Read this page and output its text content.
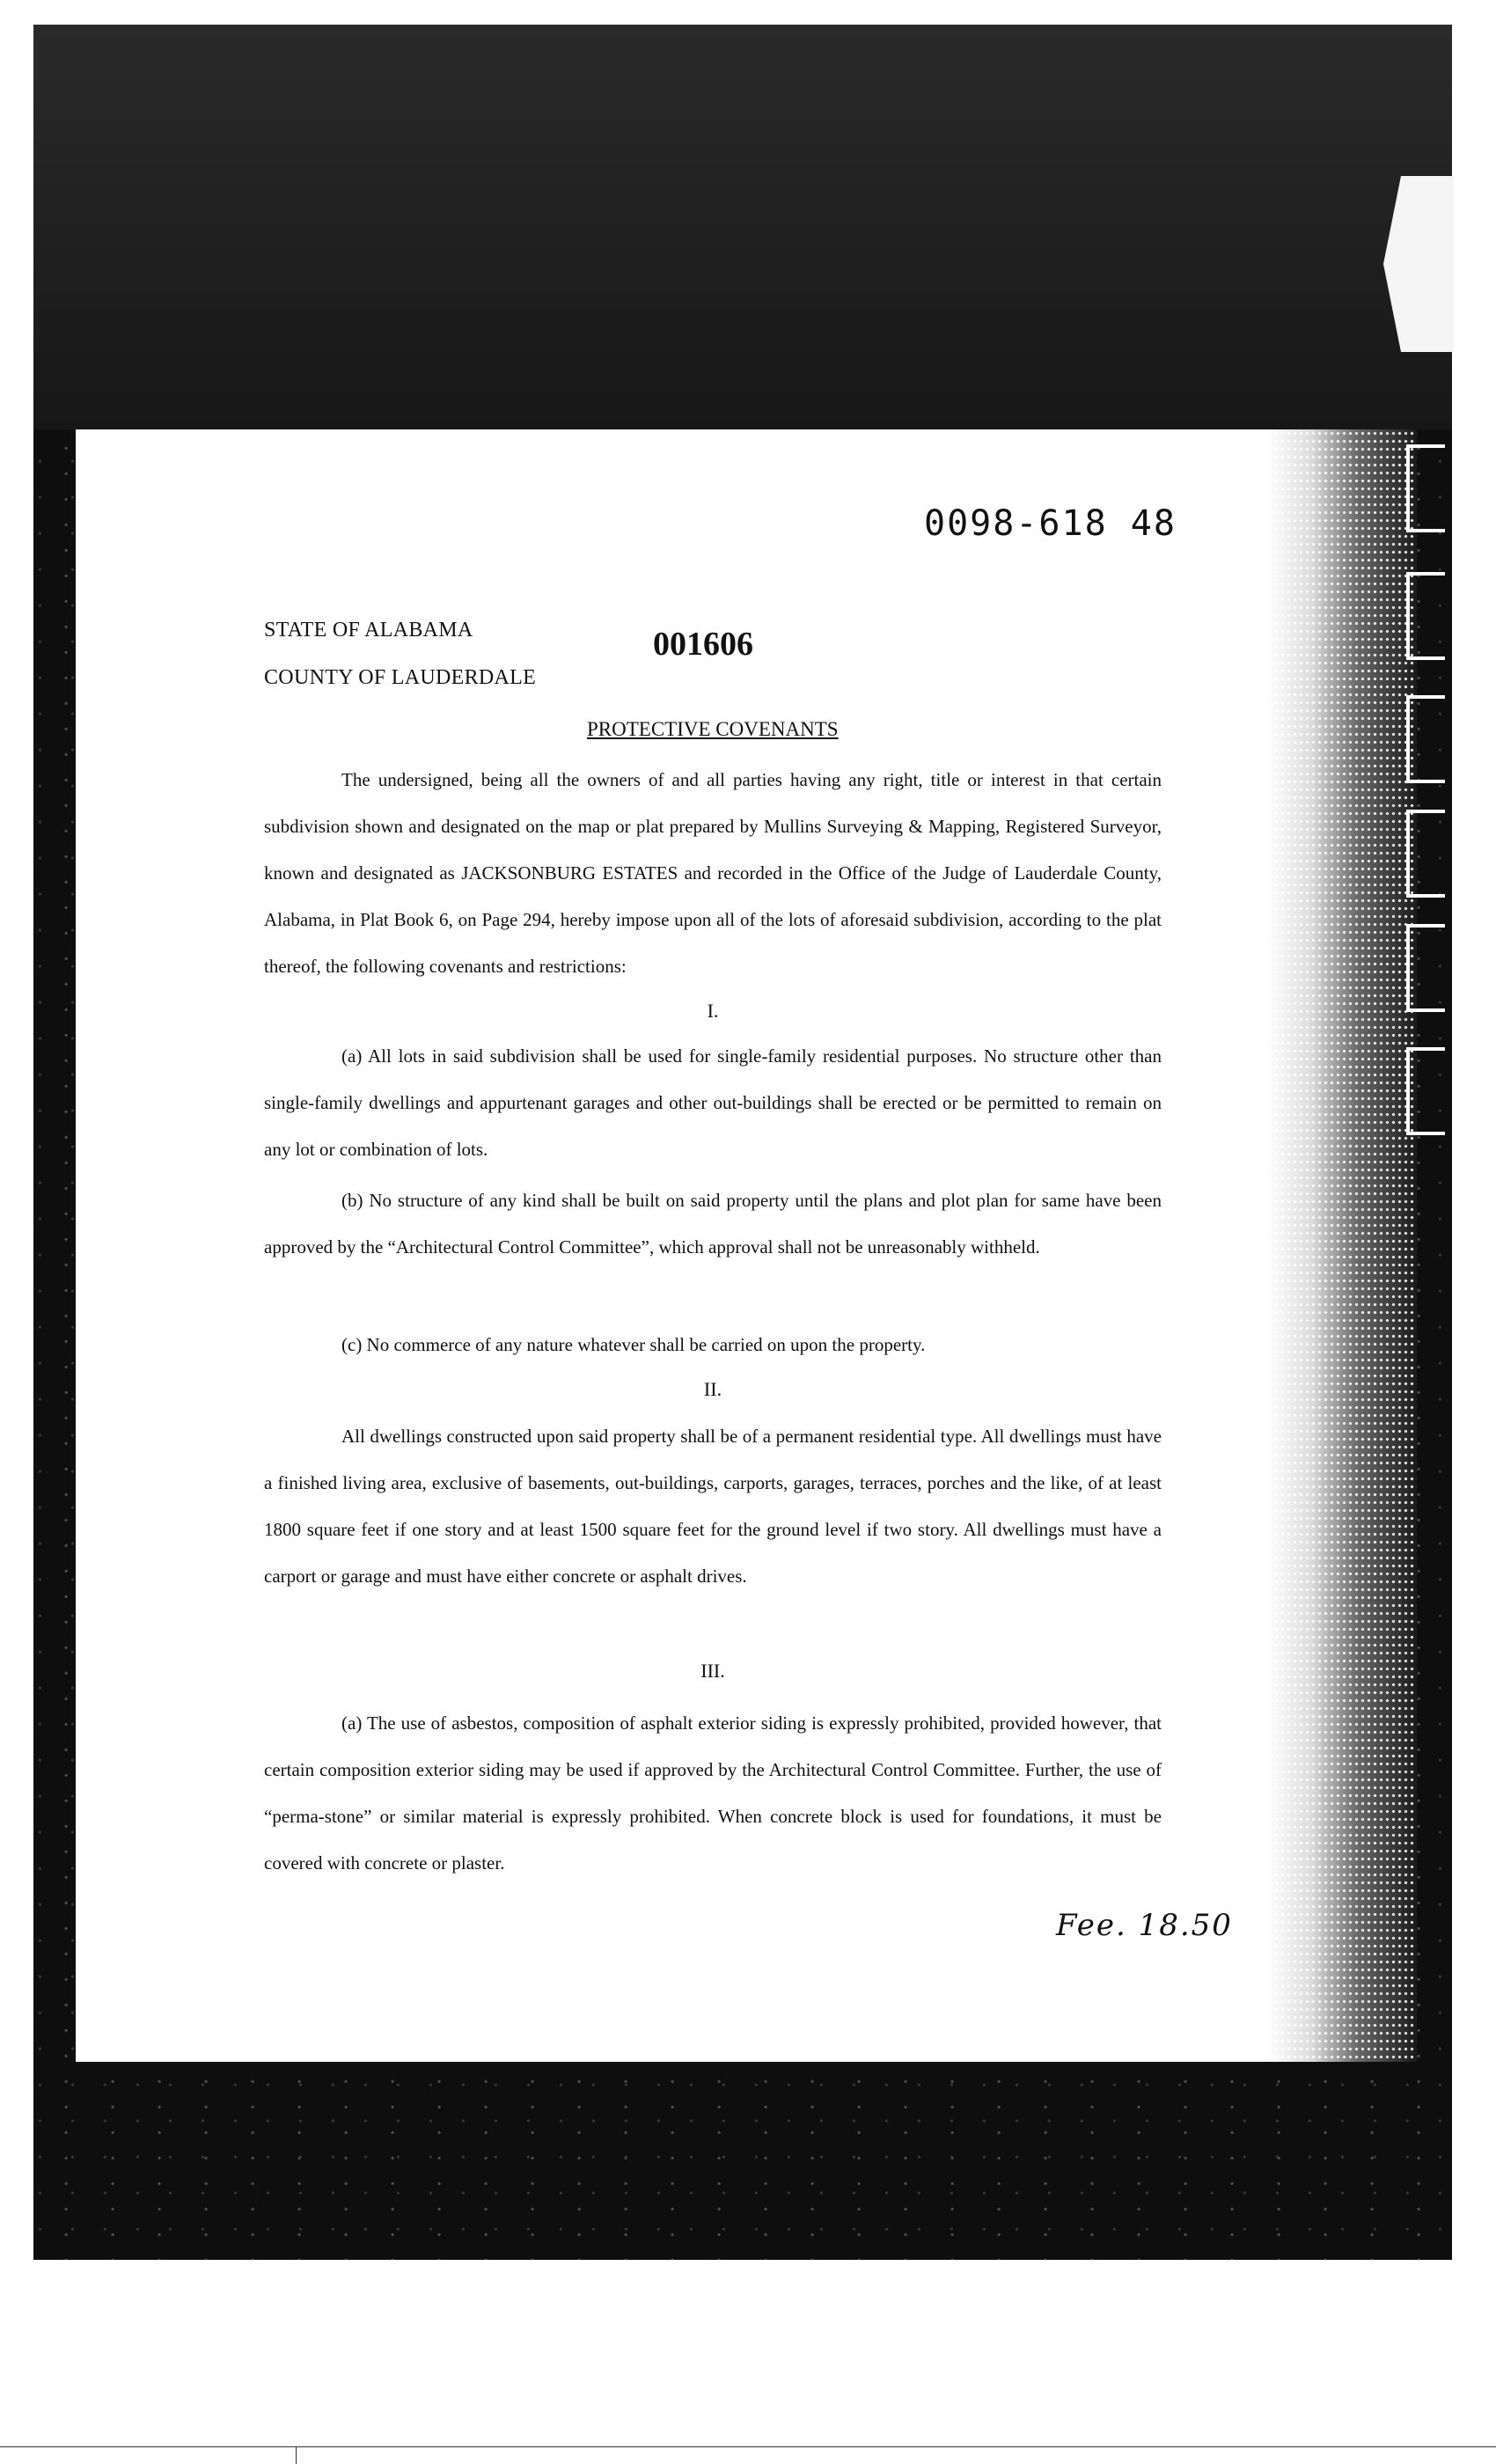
0098-618 48
STATE OF ALABAMA	001606
COUNTY OF LAUDERDALE
PROTECTIVE COVENANTS
The undersigned, being all the owners of and all parties having any right, title or interest in that certain subdivision shown and designated on the map or plat prepared by Mullins Surveying & Mapping, Registered Surveyor, known and designated as JACKSONBURG ESTATES and recorded in the Office of the Judge of Lauderdale County, Alabama, in Plat Book 6, on Page 294, hereby impose upon all of the lots of aforesaid subdivision, according to the plat thereof, the following covenants and restrictions:
I.
(a) All lots in said subdivision shall be used for single-family residential purposes. No structure other than single-family dwellings and appurtenant garages and other out-buildings shall be erected or be permitted to remain on any lot or combination of lots.
(b) No structure of any kind shall be built on said property until the plans and plot plan for same have been approved by the “Architectural Control Committee”, which approval shall not be unreasonably withheld.
(c) No commerce of any nature whatever shall be carried on upon the property.
II.
All dwellings constructed upon said property shall be of a permanent residential type. All dwellings must have a finished living area, exclusive of basements, out-buildings, carports, garages, terraces, porches and the like, of at least 1800 square feet if one story and at least 1500 square feet for the ground level if two story. All dwellings must have a carport or garage and must have either concrete or asphalt drives.
III.
(a) The use of asbestos, composition of asphalt exterior siding is expressly prohibited, provided however, that certain composition exterior siding may be used if approved by the Architectural Control Committee. Further, the use of “perma-stone” or similar material is expressly prohibited. When concrete block is used for foundations, it must be covered with concrete or plaster.
Fee. 18.50
